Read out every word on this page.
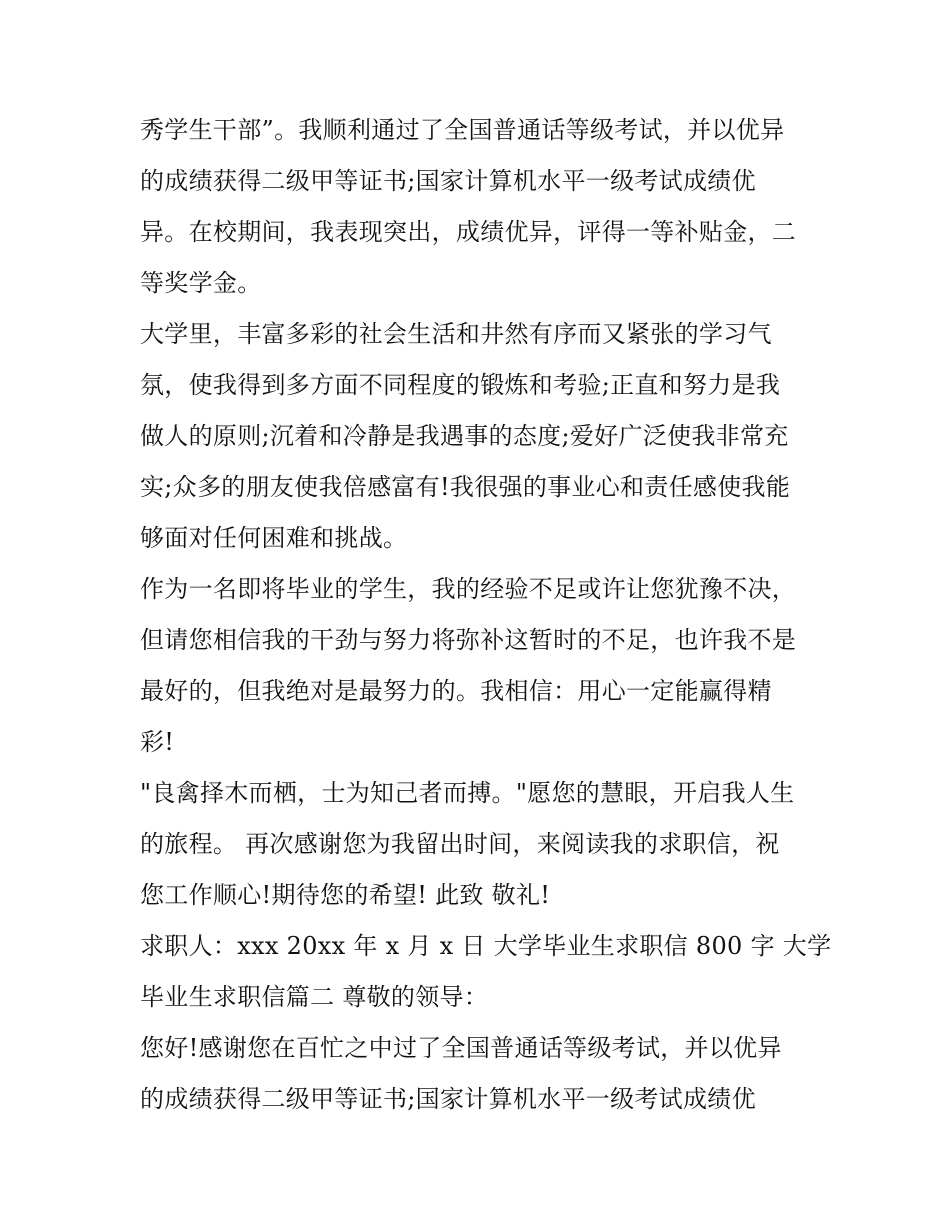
秀学生干部”。我顺利通过了全国普通话等级考试，并以优异
的成绩获得二级甲等证书;国家计算机水平一级考试成绩优
异。在校期间，我表现突出，成绩优异，评得一等补贴金，二
等奖学金。
大学里，丰富多彩的社会生活和井然有序而又紧张的学习气
氛，使我得到多方面不同程度的锻炼和考验;正直和努力是我
做人的原则;沉着和冷静是我遇事的态度;爱好广泛使我非常充
实;众多的朋友使我倍感富有!我很强的事业心和责任感使我能
够面对任何困难和挑战。
作为一名即将毕业的学生，我的经验不足或许让您犹豫不决，
但请您相信我的干劲与努力将弥补这暂时的不足，也许我不是
最好的，但我绝对是最努力的。我相信：用心一定能赢得精
彩!
"良禽择木而栖，士为知己者而搏。"愿您的慧眼，开启我人生
的旅程。 再次感谢您为我留出时间，来阅读我的求职信，祝
您工作顺心!期待您的希望! 此致 敬礼!
求职人：xxx 20xx 年 x 月 x 日 大学毕业生求职信 800 字 大学
毕业生求职信篇二 尊敬的领导：
您好!感谢您在百忙之中过了全国普通话等级考试，并以优异
的成绩获得二级甲等证书;国家计算机水平一级考试成绩优
